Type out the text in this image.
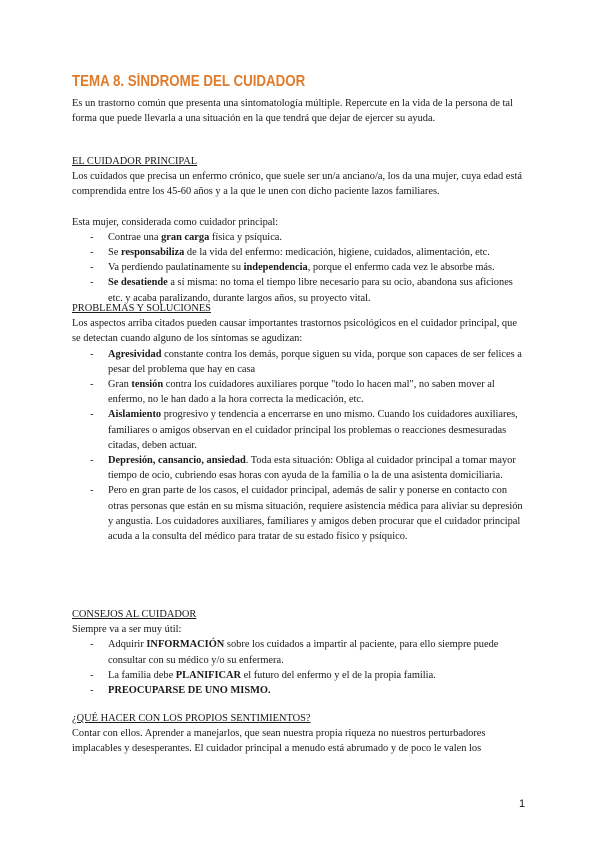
TEMA 8. SÍNDROME DEL CUIDADOR

Es un trastorno común que presenta una sintomatología múltiple. Repercute en la vida de la persona de tal forma que puede llevarla a una situación en la que tendrá que dejar de ejercer su ayuda.

EL CUIDADOR PRINCIPAL

Los cuidados que precisa un enfermo crónico, que suele ser un/a anciano/a, los da una mujer, cuya edad está comprendida entre los 45-60 años y a la que le unen con dicho paciente lazos familiares.

Esta mujer, considerada como cuidador principal:

- Contrae una gran carga física y psíquica.
- Se responsabiliza de la vida del enfermo: medicación, higiene, cuidados, alimentación, etc.
- Va perdiendo paulatinamente su independencia, porque el enfermo cada vez le absorbe más.
- Se desatiende a sí misma: no toma el tiempo libre necesario para su ocio, abandona sus aficiones etc. y acaba paralizando, durante largos años, su proyecto vital.

PROBLEMAS Y SOLUCIONES

Los aspectos arriba citados pueden causar importantes trastornos psicológicos en el cuidador principal, que se detectan cuando alguno de los síntomas se agudizan:

- Agresividad constante contra los demás, porque siguen su vida, porque son capaces de ser felices a pesar del problema que hay en casa
- Gran tensión contra los cuidadores auxiliares porque "todo lo hacen mal", no saben mover al enfermo, no le han dado a la hora correcta la medicación, etc.
- Aislamiento progresivo y tendencia a encerrarse en uno mismo. Cuando los cuidadores auxiliares, familiares o amigos observan en el cuidador principal los problemas o reacciones desmesuradas citadas, deben actuar.
- Depresión, cansancio, ansiedad. Toda esta situación: Obliga al cuidador principal a tomar mayor tiempo de ocio, cubriendo esas horas con ayuda de la familia o la de una asistenta domiciliaria.
- Pero en gran parte de los casos, el cuidador principal, además de salir y ponerse en contacto con otras personas que están en su misma situación, requiere asistencia médica para aliviar su depresión y angustia. Los cuidadores auxiliares, familiares y amigos deben procurar que el cuidador principal acuda a la consulta del médico para tratar de su estado físico y psíquico.

CONSEJOS AL CUIDADOR

Siempre va a ser muy útil:

- Adquirir INFORMACIÓN sobre los cuidados a impartir al paciente, para ello siempre puede consultar con su médico y/o su enfermera.
- La familia debe PLANIFICAR el futuro del enfermo y el de la propia familia.
- PREOCUPARSE DE UNO MISMO.

¿QUÉ HACER CON LOS PROPIOS SENTIMIENTOS?

Contar con ellos. Aprender a manejarlos, que sean nuestra propia riqueza no nuestros perturbadores implacables y desesperantes. El cuidador principal a menudo está abrumado y de poco le valen los

1
